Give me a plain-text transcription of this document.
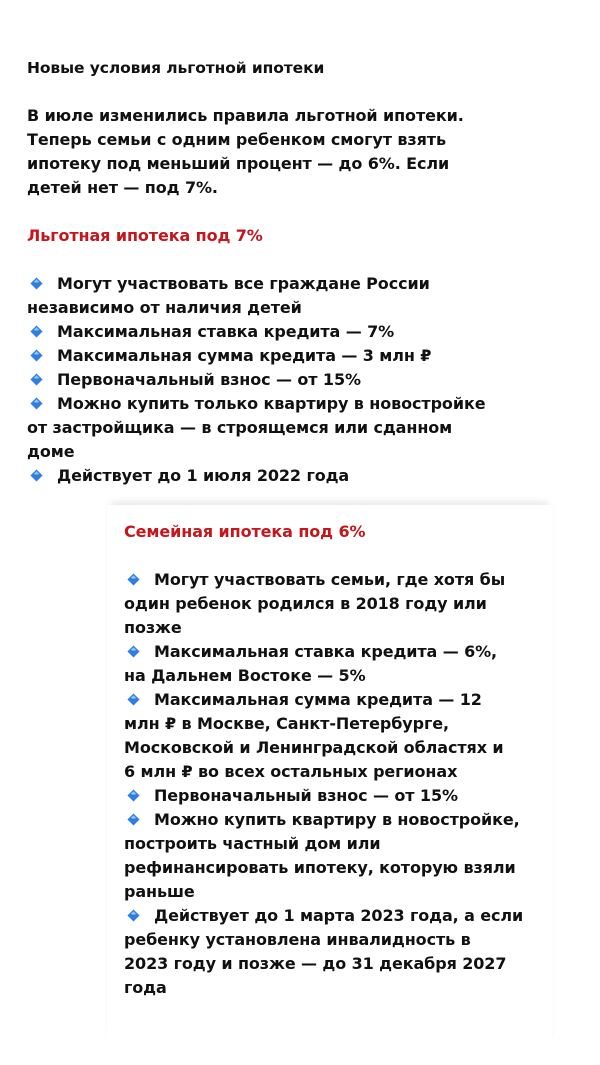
Новые условия льготной ипотеки
В июле изменились правила льготной ипотеки.
Теперь семьи с одним ребенком смогут взять
ипотеку под меньший процент — до 6%. Если
детей нет — под 7%.
Льготная ипотека под 7%
Могут участвовать все граждане России
независимо от наличия детей
Максимальная ставка кредита — 7%
Максимальная сумма кредита — 3 млн ₽
Первоначальный взнос — от 15%
Можно купить только квартиру в новостройке
от застройщика — в строящемся или сданном
доме
Действует до 1 июля 2022 года
Семейная ипотека под 6%
Могут участвовать семьи, где хотя бы
один ребенок родился в 2018 году или
позже
Максимальная ставка кредита — 6%,
на Дальнем Востоке — 5%
Максимальная сумма кредита — 12
млн ₽ в Москве, Санкт-Петербурге,
Московской и Ленинградской областях и
6 млн ₽ во всех остальных регионах
Первоначальный взнос — от 15%
Можно купить квартиру в новостройке,
построить частный дом или
рефинансировать ипотеку, которую взяли
раньше
Действует до 1 марта 2023 года, а если
ребенку установлена инвалидность в
2023 году и позже — до 31 декабря 2027
года
